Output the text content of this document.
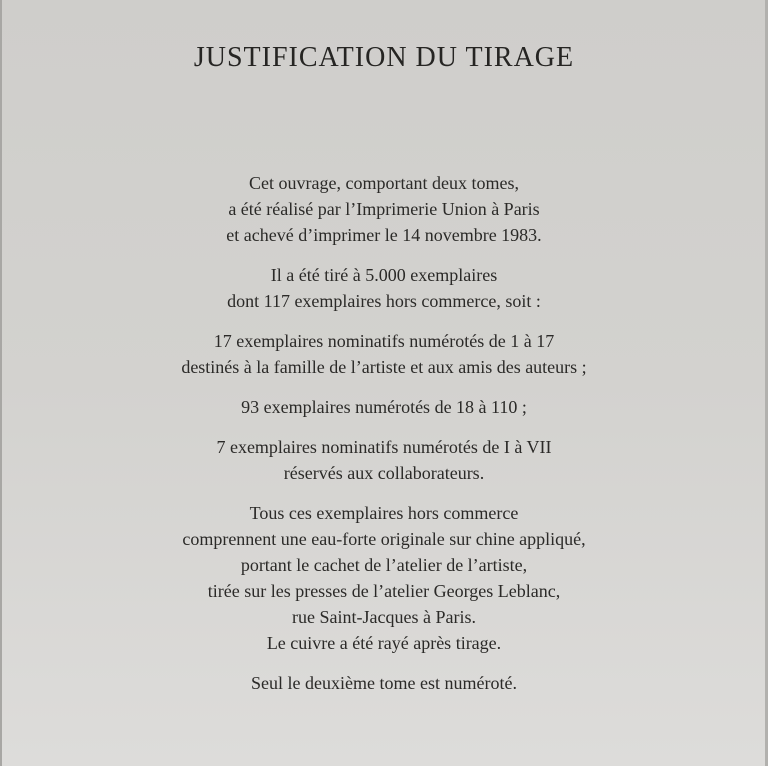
JUSTIFICATION DU TIRAGE

Cet ouvrage, comportant deux tomes,
a été réalisé par l’Imprimerie Union à Paris
et achevé d’imprimer le 14 novembre 1983.

Il a été tiré à 5.000 exemplaires
dont 117 exemplaires hors commerce, soit :

17 exemplaires nominatifs numérotés de 1 à 17
destinés à la famille de l’artiste et aux amis des auteurs ;

93 exemplaires numérotés de 18 à 110 ;

7 exemplaires nominatifs numérotés de I à VII
réservés aux collaborateurs.

Tous ces exemplaires hors commerce
comprennent une eau-forte originale sur chine appliqué,
portant le cachet de l’atelier de l’artiste,
tirée sur les presses de l’atelier Georges Leblanc,
rue Saint-Jacques à Paris.
Le cuivre a été rayé après tirage.

Seul le deuxième tome est numéroté.
